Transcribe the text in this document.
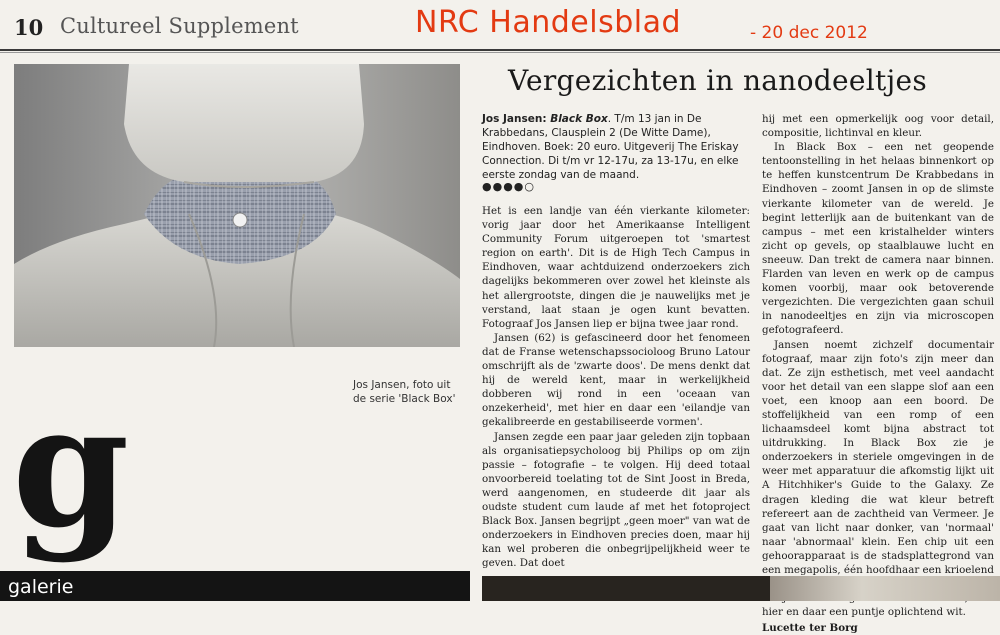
10 Cultureel Supplement	NRC Handelsblad	- 20 dec 2012
Jos Jansen, foto uit
de serie 'Black Box'
g
galerie
Vergezichten in nanodeeltjes
Jos Jansen: Black Box. T/m 13 jan in De Krabbedans, Clausplein 2 (De Witte Dame), Eindhoven. Boek: 20 euro. Uitgeverij The Eriskay Connection. Di t/m vr 12-17u, za 13-17u, en elke eerste zondag van de maand.
●●●●○

Het is een landje van één vierkante kilometer: vorig jaar door het Amerikaanse Intelligent Community Forum uitgeroepen tot 'smartest region on earth'. Dit is de High Tech Campus in Eindhoven, waar achtduizend onderzoekers zich dagelijks bekommeren over zowel het kleinste als het allergrootste, dingen die je nauwelijks met je verstand, laat staan je ogen kunt bevatten. Fotograaf Jos Jansen liep er bijna twee jaar rond.

Jansen (62) is gefascineerd door het fenomeen dat de Franse wetenschapssocioloog Bruno Latour omschrijft als de 'zwarte doos'. De mens denkt dat hij de wereld kent, maar in werkelijkheid dobberen wij rond in een 'oceaan van onzekerheid', met hier en daar een 'eilandje van gekalibreerde en gestabiliseerde vormen'.

Jansen zegde een paar jaar geleden zijn topbaan als organisatiepsycholoog bij Philips op om zijn passie – fotografie – te volgen. Hij deed totaal onvoorbereid toelating tot de Sint Joost in Breda, werd aangenomen, en studeerde dit jaar als oudste student cum laude af met het fotoproject Black Box. Jansen begrijpt „geen moer" van wat de onderzoekers in Eindhoven precies doen, maar hij kan wel proberen die onbegrijpelijkheid weer te geven. Dat doet

hij met een opmerkelijk oog voor detail, compositie, lichtinval en kleur.

In Black Box – een net geopende tentoonstelling in het helaas binnenkort op te heffen kunstcentrum De Krabbedans in Eindhoven – zoomt Jansen in op de slimste vierkante kilometer van de wereld. Je begint letterlijk aan de buitenkant van de campus – met een kristalhelder winters zicht op gevels, op staalblauwe lucht en sneeuw. Dan trekt de camera naar binnen. Flarden van leven en werk op de campus komen voorbij, maar ook betoverende vergezichten. Die vergezichten gaan schuil in nanodeeltjes en zijn via microscopen gefotografeerd.

Jansen noemt zichzelf documentair fotograaf, maar zijn foto's zijn meer dan dat. Ze zijn esthetisch, met veel aandacht voor het detail van een slappe slof aan een voet, een knoop aan een boord. De stoffelijkheid van een romp of een lichaamsdeel komt bijna abstract tot uitdrukking. In Black Box zie je onderzoekers in steriele omgevingen in de weer met apparatuur die afkomstig lijkt uit A Hitchhiker's Guide to the Galaxy. Ze dragen kleding die wat kleur betreft refereert aan de zachtheid van Vermeer. Je gaat van licht naar donker, van 'normaal' naar 'abnormaal' klein. Een chip uit een gehoorapparaat is de stadsplattegrond van een megapolis, één hoofdhaar een krioelend hier en daar een puntje oplichtend wit.

Lucette ter Borg
